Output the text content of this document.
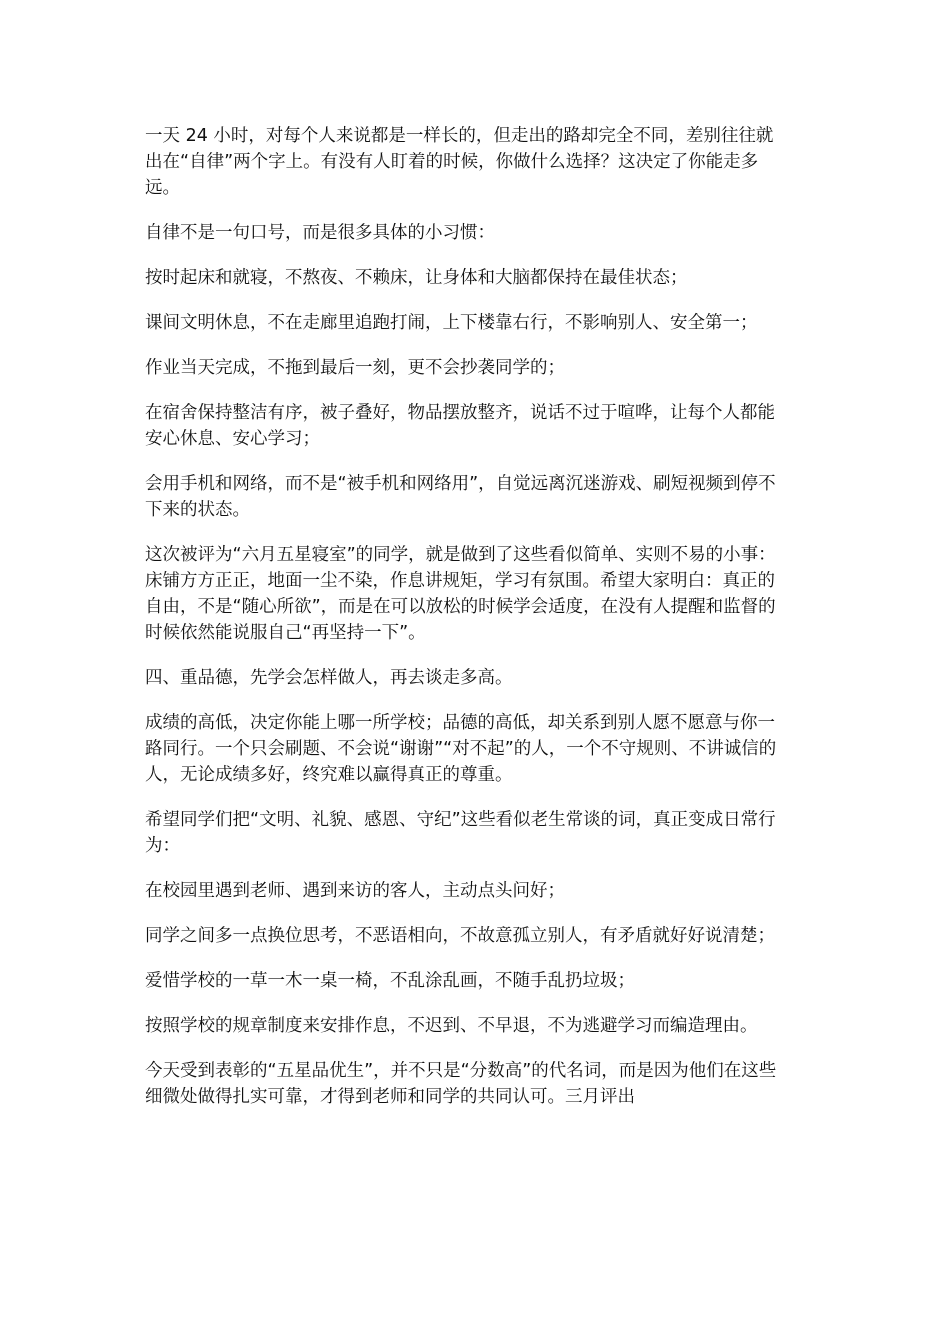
一天 24 小时，对每个人来说都是一样长的，但走出的路却完全不同，差别往往就出在“自律”两个字上。有没有人盯着的时候，你做什么选择？这决定了你能走多远。

自律不是一句口号，而是很多具体的小习惯：

按时起床和就寝，不熬夜、不赖床，让身体和大脑都保持在最佳状态；

课间文明休息，不在走廊里追跑打闹，上下楼靠右行，不影响别人、安全第一；

作业当天完成，不拖到最后一刻，更不会抄袭同学的；

在宿舍保持整洁有序，被子叠好，物品摆放整齐，说话不过于喧哗，让每个人都能安心休息、安心学习；

会用手机和网络，而不是“被手机和网络用”，自觉远离沉迷游戏、刷短视频到停不下来的状态。

这次被评为“六月五星寝室”的同学，就是做到了这些看似简单、实则不易的小事：床铺方方正正，地面一尘不染，作息讲规矩，学习有氛围。希望大家明白：真正的自由，不是“随心所欲”，而是在可以放松的时候学会适度，在没有人提醒和监督的时候依然能说服自己“再坚持一下”。

四、重品德，先学会怎样做人，再去谈走多高。

成绩的高低，决定你能上哪一所学校；品德的高低，却关系到别人愿不愿意与你一路同行。一个只会刷题、不会说“谢谢”“对不起”的人，一个不守规则、不讲诚信的人，无论成绩多好，终究难以赢得真正的尊重。

希望同学们把“文明、礼貌、感恩、守纪”这些看似老生常谈的词，真正变成日常行为：

在校园里遇到老师、遇到来访的客人，主动点头问好；

同学之间多一点换位思考，不恶语相向，不故意孤立别人，有矛盾就好好说清楚；

爱惜学校的一草一木一桌一椅，不乱涂乱画，不随手乱扔垃圾；

按照学校的规章制度来安排作息，不迟到、不早退，不为逃避学习而编造理由。

今天受到表彰的“五星品优生”，并不只是“分数高”的代名词，而是因为他们在这些细微处做得扎实可靠，才得到老师和同学的共同认可。三月评出
